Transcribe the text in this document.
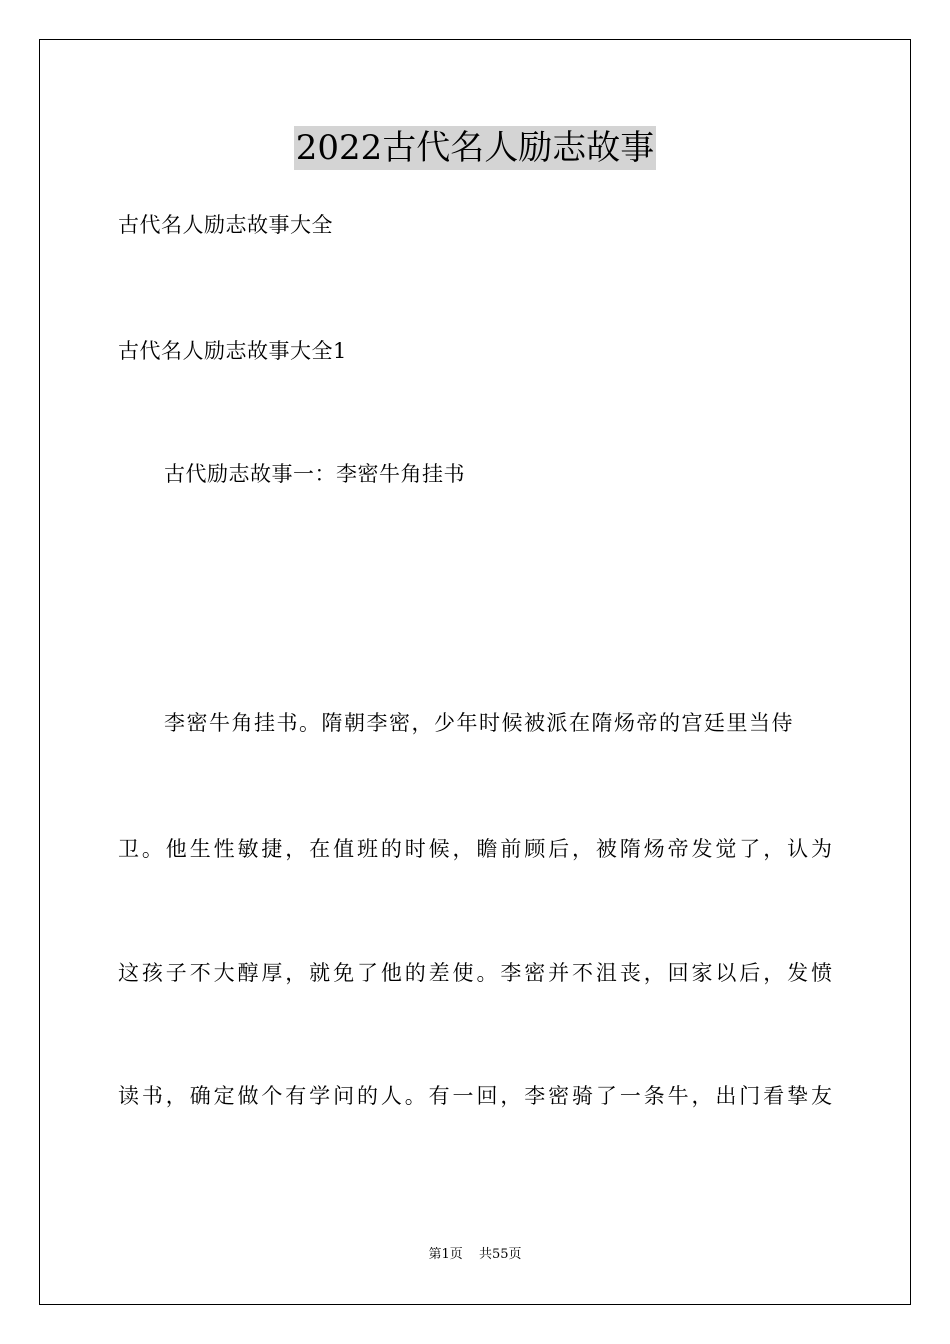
2022古代名人励志故事
古代名人励志故事大全
古代名人励志故事大全1
古代励志故事一：李密牛角挂书
李密牛角挂书。隋朝李密，少年时候被派在隋炀帝的宫廷里当侍
卫。他生性敏捷，在值班的时候，瞻前顾后，被隋炀帝发觉了，认为
这孩子不大醇厚，就免了他的差使。李密并不沮丧，回家以后，发愤
读书，确定做个有学问的人。有一回，李密骑了一条牛，出门看挚友
第1页 共55页
